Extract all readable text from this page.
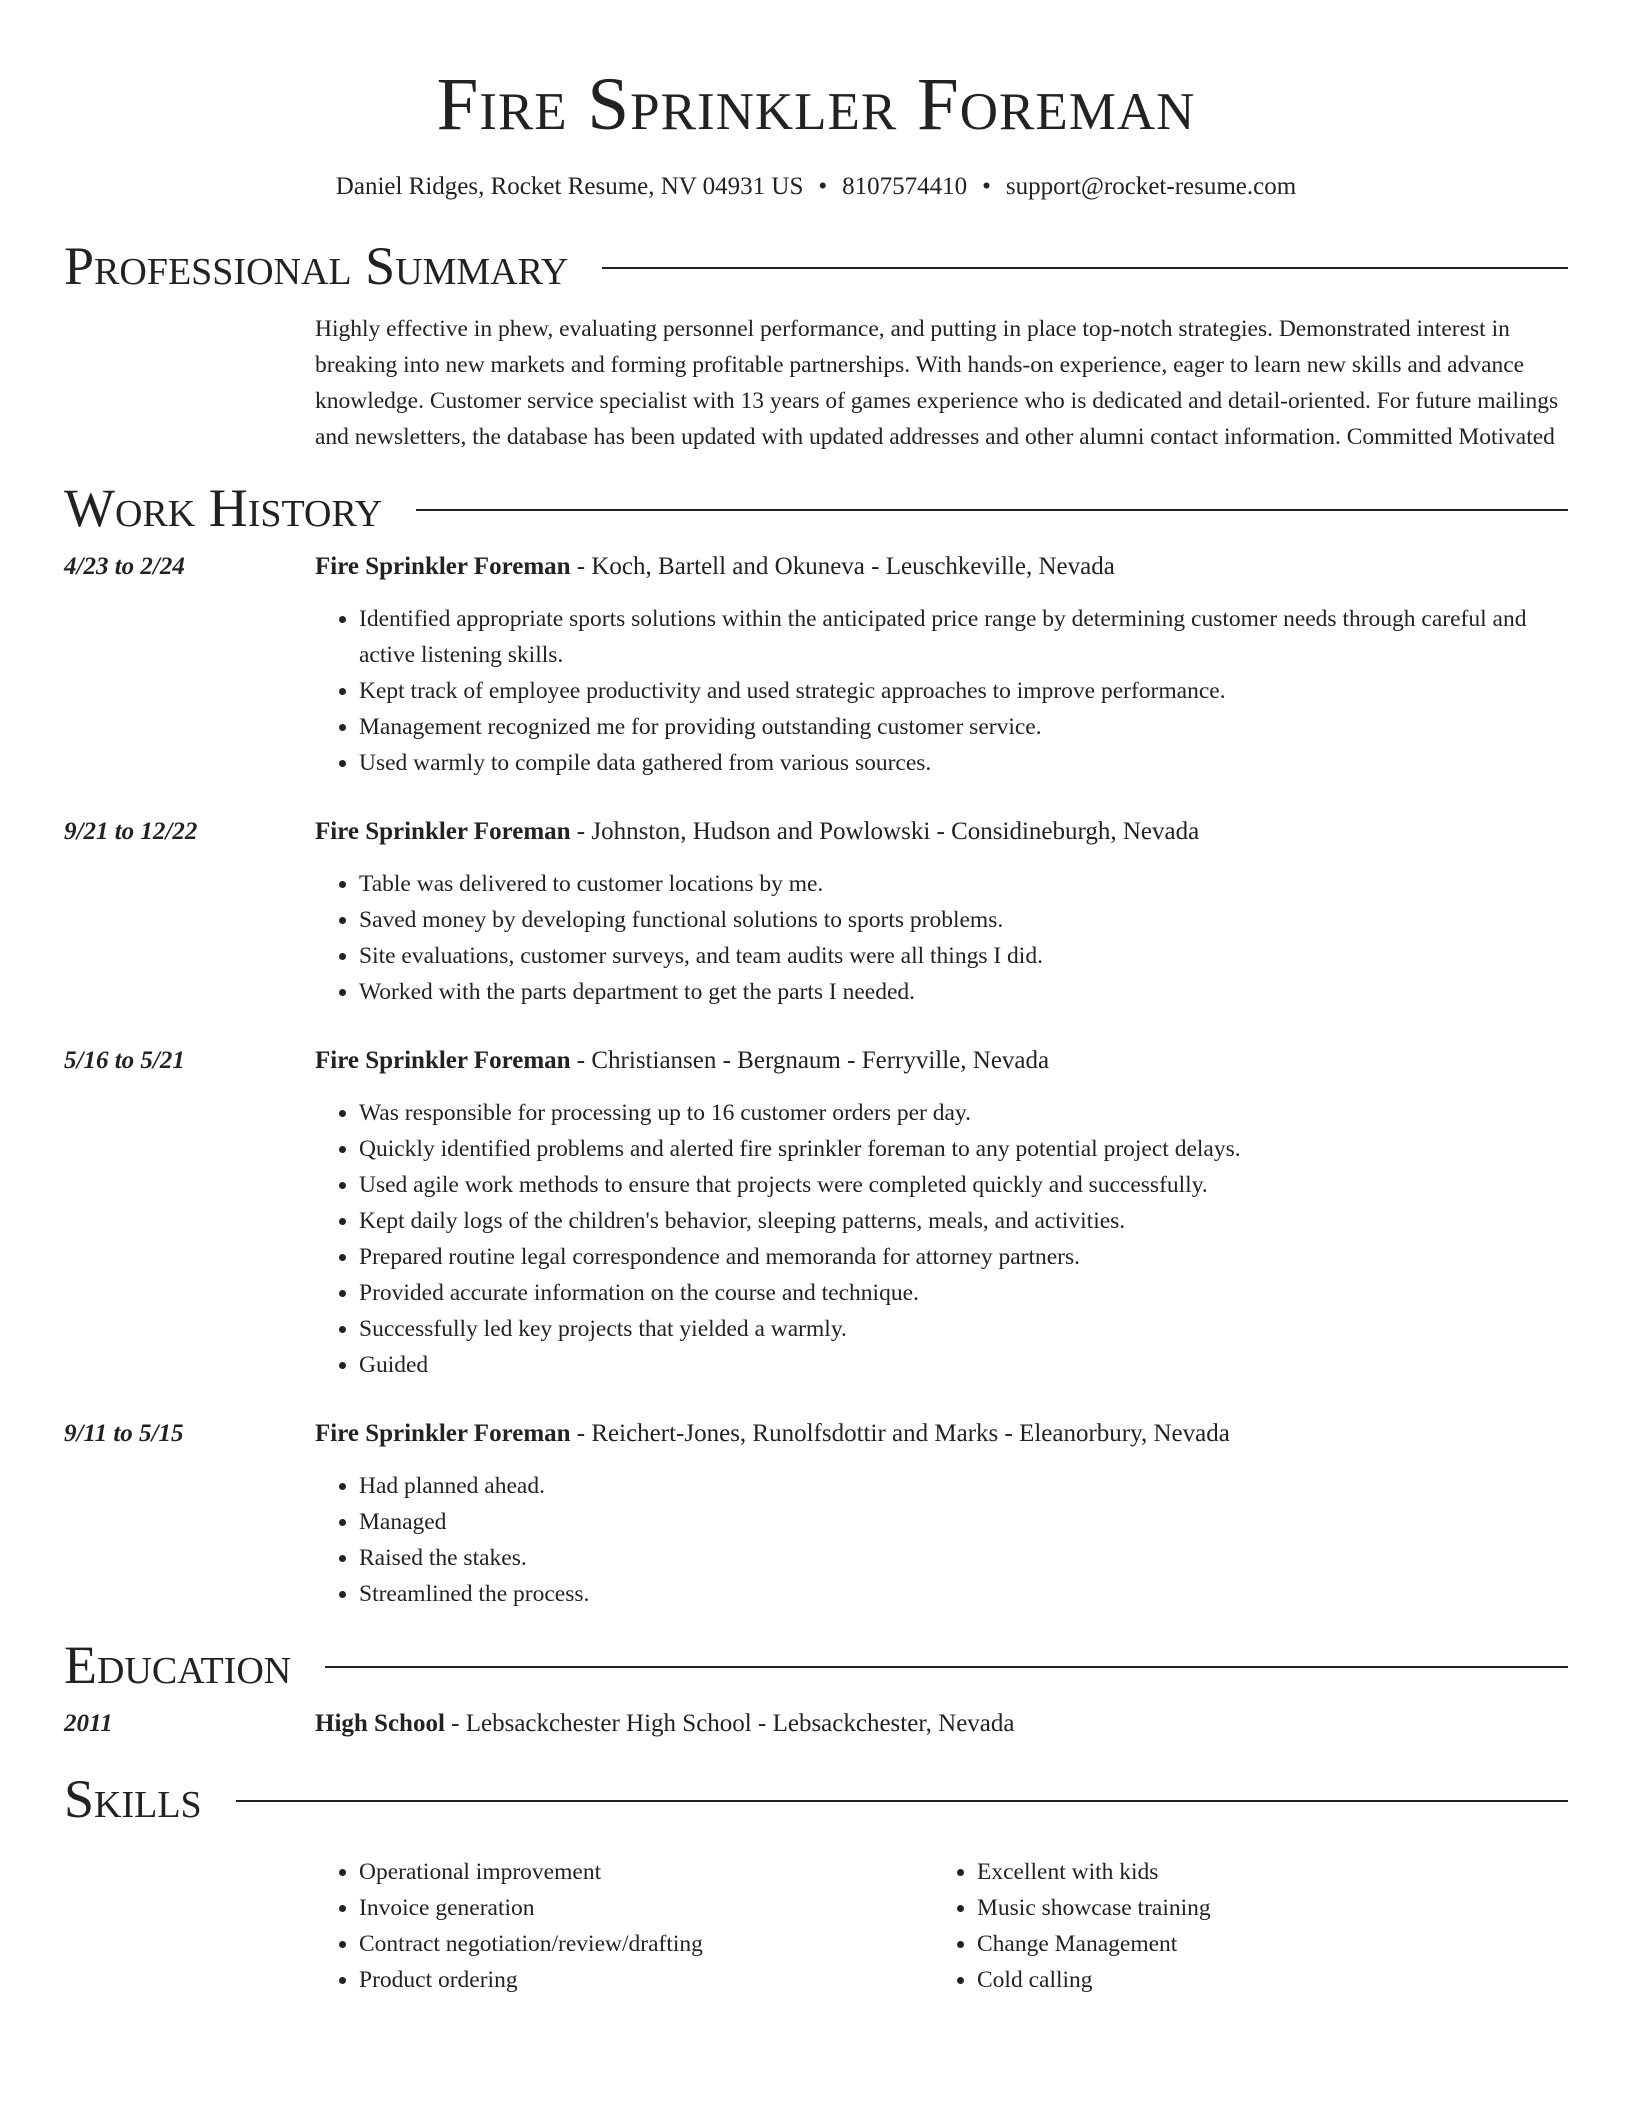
Fire Sprinkler Foreman
Daniel Ridges, Rocket Resume, NV 04931 US • 8107574410 • support@rocket-resume.com
Professional Summary
Highly effective in phew, evaluating personnel performance, and putting in place top-notch strategies. Demonstrated interest in breaking into new markets and forming profitable partnerships. With hands-on experience, eager to learn new skills and advance knowledge. Customer service specialist with 13 years of games experience who is dedicated and detail-oriented. For future mailings and newsletters, the database has been updated with updated addresses and other alumni contact information. Committed Motivated
Work History
4/23 to 2/24	Fire Sprinkler Foreman - Koch, Bartell and Okuneva - Leuschkeville, Nevada
• Identified appropriate sports solutions within the anticipated price range by determining customer needs through careful and active listening skills.
• Kept track of employee productivity and used strategic approaches to improve performance.
• Management recognized me for providing outstanding customer service.
• Used warmly to compile data gathered from various sources.
9/21 to 12/22	Fire Sprinkler Foreman - Johnston, Hudson and Powlowski - Considineburgh, Nevada
• Table was delivered to customer locations by me.
• Saved money by developing functional solutions to sports problems.
• Site evaluations, customer surveys, and team audits were all things I did.
• Worked with the parts department to get the parts I needed.
5/16 to 5/21	Fire Sprinkler Foreman - Christiansen - Bergnaum - Ferryville, Nevada
• Was responsible for processing up to 16 customer orders per day.
• Quickly identified problems and alerted fire sprinkler foreman to any potential project delays.
• Used agile work methods to ensure that projects were completed quickly and successfully.
• Kept daily logs of the children's behavior, sleeping patterns, meals, and activities.
• Prepared routine legal correspondence and memoranda for attorney partners.
• Provided accurate information on the course and technique.
• Successfully led key projects that yielded a warmly.
• Guided
9/11 to 5/15	Fire Sprinkler Foreman - Reichert-Jones, Runolfsdottir and Marks - Eleanorbury, Nevada
• Had planned ahead.
• Managed
• Raised the stakes.
• Streamlined the process.
Education
2011	High School - Lebsackchester High School - Lebsackchester, Nevada
Skills
• Operational improvement
• Invoice generation
• Contract negotiation/review/drafting
• Product ordering
• Excellent with kids
• Music showcase training
• Change Management
• Cold calling
